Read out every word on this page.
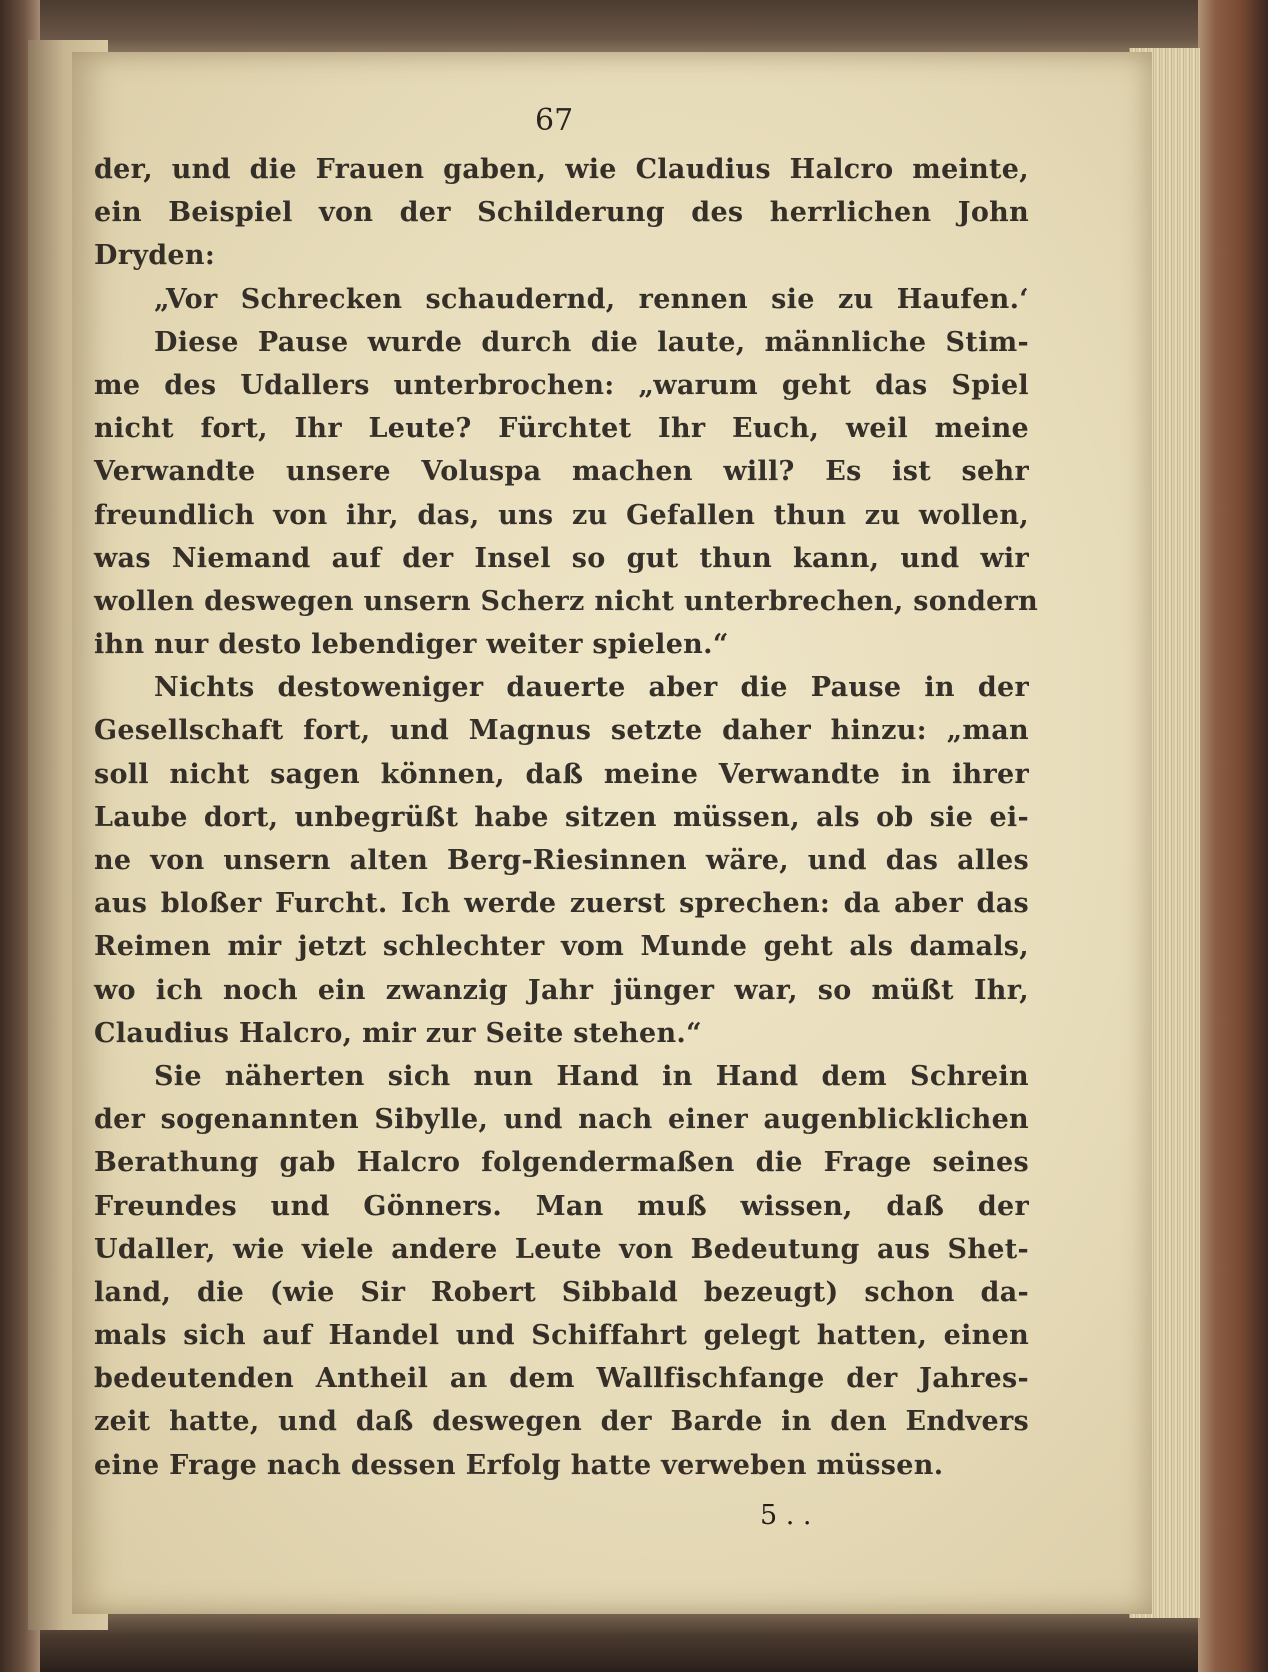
67
der, und die Frauen gaben, wie Claudius Halcro meinte,
ein Beispiel von der Schilderung des herrlichen John
Dryden:
„Vor Schrecken schaudernd, rennen sie zu Haufen.‘
Diese Pause wurde durch die laute, männliche Stim-
me des Udallers unterbrochen: „warum geht das Spiel
nicht fort, Ihr Leute? Fürchtet Ihr Euch, weil meine
Verwandte unsere Voluspa machen will? Es ist sehr
freundlich von ihr, das, uns zu Gefallen thun zu wollen,
was Niemand auf der Insel so gut thun kann, und wir
wollen deswegen unsern Scherz nicht unterbrechen, sondern
ihn nur desto lebendiger weiter spielen.“
Nichts destoweniger dauerte aber die Pause in der
Gesellschaft fort, und Magnus setzte daher hinzu: „man
soll nicht sagen können, daß meine Verwandte in ihrer
Laube dort, unbegrüßt habe sitzen müssen, als ob sie ei-
ne von unsern alten Berg-Riesinnen wäre, und das alles
aus bloßer Furcht. Ich werde zuerst sprechen: da aber das
Reimen mir jetzt schlechter vom Munde geht als damals,
wo ich noch ein zwanzig Jahr jünger war, so müßt Ihr,
Claudius Halcro, mir zur Seite stehen.“
Sie näherten sich nun Hand in Hand dem Schrein
der sogenannten Sibylle, und nach einer augenblicklichen
Berathung gab Halcro folgendermaßen die Frage seines
Freundes und Gönners. Man muß wissen, daß der
Udaller, wie viele andere Leute von Bedeutung aus Shet-
land, die (wie Sir Robert Sibbald bezeugt) schon da-
mals sich auf Handel und Schiffahrt gelegt hatten, einen
bedeutenden Antheil an dem Wallfischfange der Jahres-
zeit hatte, und daß deswegen der Barde in den Endvers
eine Frage nach dessen Erfolg hatte verweben müssen.
5 . .
